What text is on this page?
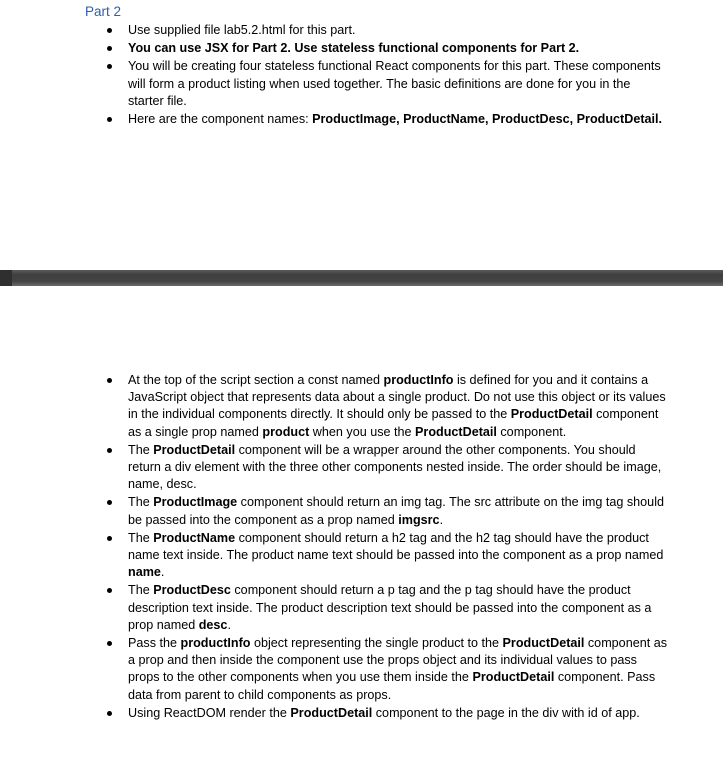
Part 2
Use supplied file lab5.2.html for this part.
You can use JSX for Part 2. Use stateless functional components for Part 2.
You will be creating four stateless functional React components for this part. These components will form a product listing when used together. The basic definitions are done for you in the starter file.
Here are the component names: ProductImage, ProductName, ProductDesc, ProductDetail.
At the top of the script section a const named productInfo is defined for you and it contains a JavaScript object that represents data about a single product. Do not use this object or its values in the individual components directly. It should only be passed to the ProductDetail component as a single prop named product when you use the ProductDetail component.
The ProductDetail component will be a wrapper around the other components. You should return a div element with the three other components nested inside. The order should be image, name, desc.
The ProductImage component should return an img tag. The src attribute on the img tag should be passed into the component as a prop named imgsrc.
The ProductName component should return a h2 tag and the h2 tag should have the product name text inside. The product name text should be passed into the component as a prop named name.
The ProductDesc component should return a p tag and the p tag should have the product description text inside. The product description text should be passed into the component as a prop named desc.
Pass the productInfo object representing the single product to the ProductDetail component as a prop and then inside the component use the props object and its individual values to pass props to the other components when you use them inside the ProductDetail component. Pass data from parent to child components as props.
Using ReactDOM render the ProductDetail component to the page in the div with id of app.
